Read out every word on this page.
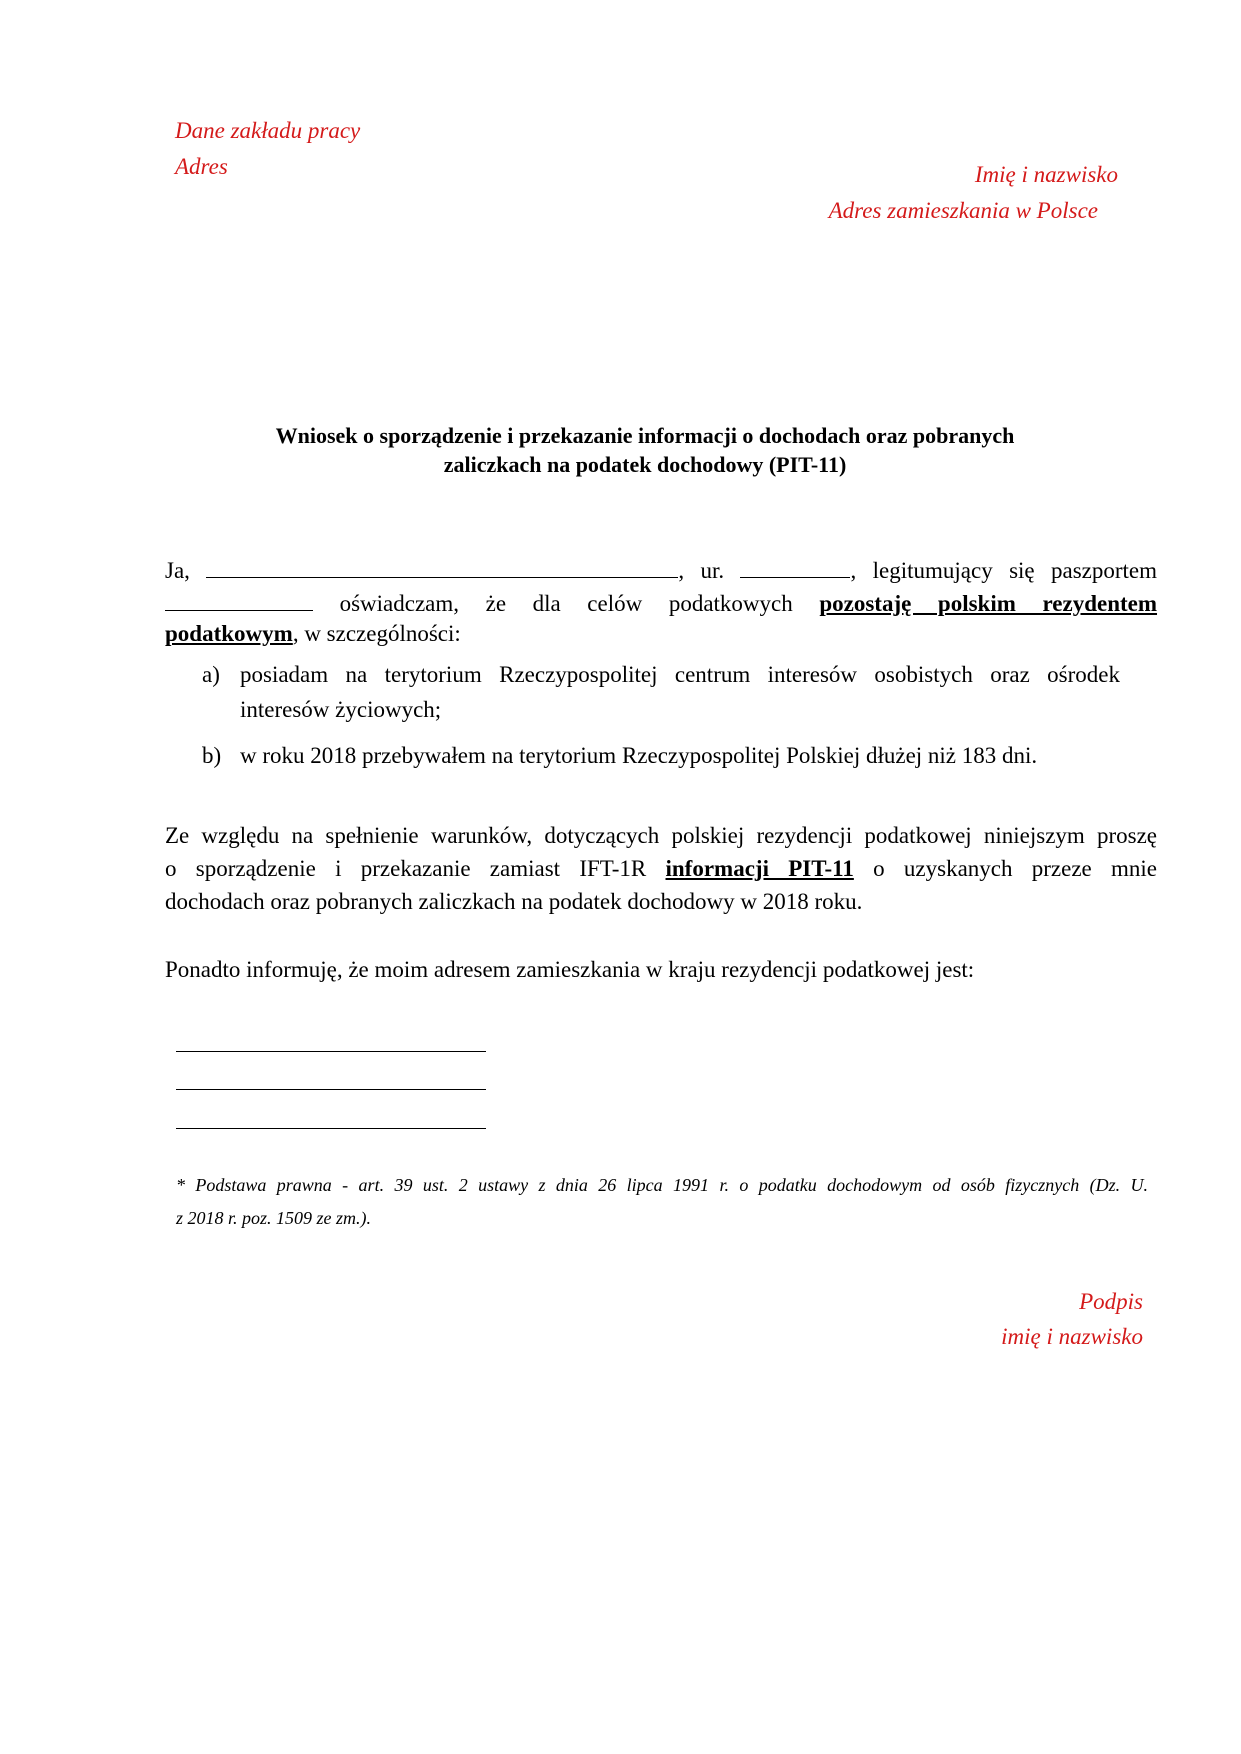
Dane zakładu pracy
Adres	Imię i nazwisko
Adres zamieszkania w Polsce
Wniosek o sporządzenie i przekazanie informacji o dochodach oraz pobranych
zaliczkach na podatek dochodowy (PIT-11)
Ja,	, ur.	, legitumujący się paszportem
oświadczam, że dla celów podatkowych pozostaję polskim rezydentem
podatkowym, w szczególności:
a) posiadam na terytorium Rzeczypospolitej centrum interesów osobistych oraz ośrodek
interesów życiowych;
b) w roku 2018 przebywałem na terytorium Rzeczypospolitej Polskiej dłużej niż 183 dni.
Ze względu na spełnienie warunków, dotyczących polskiej rezydencji podatkowej niniejszym proszę
o sporządzenie i przekazanie zamiast IFT-1R informacji PIT-11 o uzyskanych przeze mnie
dochodach oraz pobranych zaliczkach na podatek dochodowy w 2018 roku.
Ponadto informuję, że moim adresem zamieszkania w kraju rezydencji podatkowej jest:
* Podstawa prawna - art. 39 ust. 2 ustawy z dnia 26 lipca 1991 r. o podatku dochodowym od osób fizycznych (Dz. U.
z 2018 r. poz. 1509 ze zm.).
Podpis
imię i nazwisko
